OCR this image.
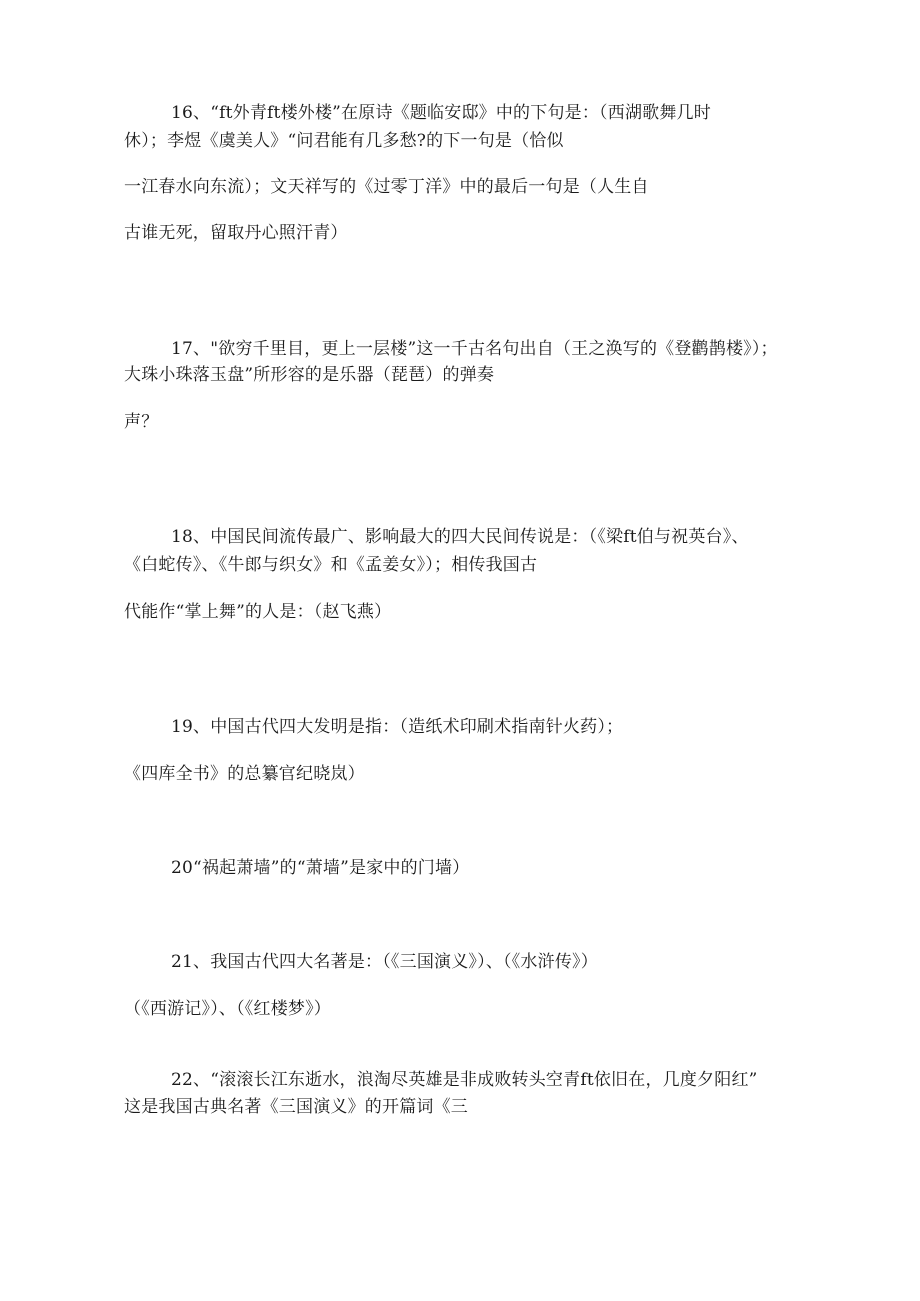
16、“ft外青ft楼外楼”在原诗《题临安邸》中的下句是：（西湖歌舞几时
休）；李煜《虞美人》“问君能有几多愁?的下一句是（恰似
一江春水向东流）；文天祥写的《过零丁洋》中的最后一句是（人生自
古谁无死，留取丹心照汗青）
17、"欲穷千里目，更上一层楼”这一千古名句出自（王之涣写的《登鹳鹊楼》）；
大珠小珠落玉盘”所形容的是乐器（琵琶）的弹奏
声？
18、中国民间流传最广、影响最大的四大民间传说是：（《梁ft伯与祝英台》、
《白蛇传》、《牛郎与织女》和《孟姜女》）；相传我国古
代能作“掌上舞”的人是：（赵飞燕）
19、中国古代四大发明是指：（造纸术印刷术指南针火药）；
《四库全书》的总纂官纪晓岚）
20“祸起萧墙”的“萧墙”是家中的门墙）
21、我国古代四大名著是：（《三国演义》）、（《水浒传》）
（《西游记》）、（《红楼梦》）
22、“滚滚长江东逝水，浪淘尽英雄是非成败转头空青ft依旧在，几度夕阳红”
这是我国古典名著《三国演义》的开篇词《三
